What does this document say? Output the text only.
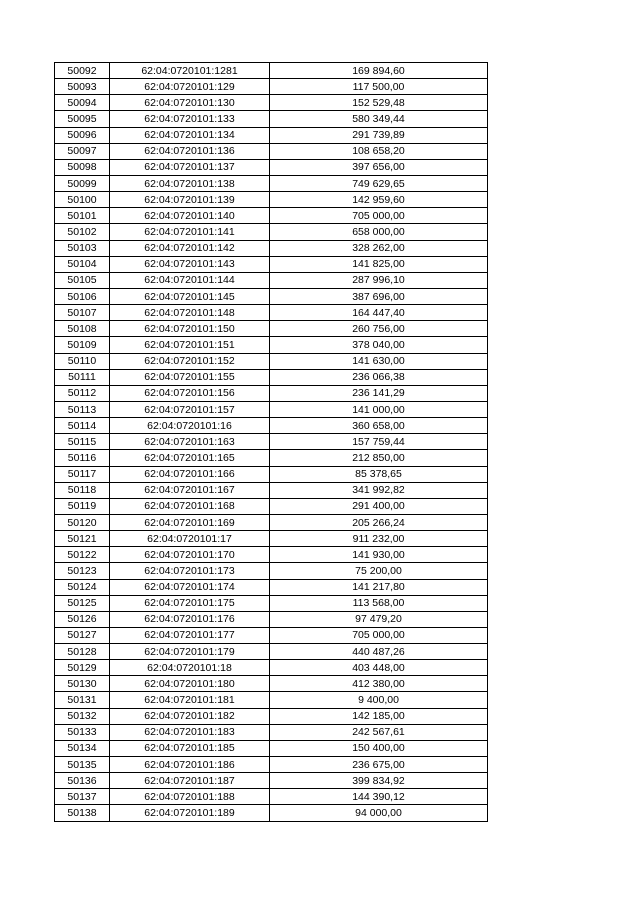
50092	62:04:0720101:1281	169 894,60
50093	62:04:0720101:129	117 500,00
50094	62:04:0720101:130	152 529,48
50095	62:04:0720101:133	580 349,44
50096	62:04:0720101:134	291 739,89
50097	62:04:0720101:136	108 658,20
50098	62:04:0720101:137	397 656,00
50099	62:04:0720101:138	749 629,65
50100	62:04:0720101:139	142 959,60
50101	62:04:0720101:140	705 000,00
50102	62:04:0720101:141	658 000,00
50103	62:04:0720101:142	328 262,00
50104	62:04:0720101:143	141 825,00
50105	62:04:0720101:144	287 996,10
50106	62:04:0720101:145	387 696,00
50107	62:04:0720101:148	164 447,40
50108	62:04:0720101:150	260 756,00
50109	62:04:0720101:151	378 040,00
50110	62:04:0720101:152	141 630,00
50111	62:04:0720101:155	236 066,38
50112	62:04:0720101:156	236 141,29
50113	62:04:0720101:157	141 000,00
50114	62:04:0720101:16	360 658,00
50115	62:04:0720101:163	157 759,44
50116	62:04:0720101:165	212 850,00
50117	62:04:0720101:166	85 378,65
50118	62:04:0720101:167	341 992,82
50119	62:04:0720101:168	291 400,00
50120	62:04:0720101:169	205 266,24
50121	62:04:0720101:17	911 232,00
50122	62:04:0720101:170	141 930,00
50123	62:04:0720101:173	75 200,00
50124	62:04:0720101:174	141 217,80
50125	62:04:0720101:175	113 568,00
50126	62:04:0720101:176	97 479,20
50127	62:04:0720101:177	705 000,00
50128	62:04:0720101:179	440 487,26
50129	62:04:0720101:18	403 448,00
50130	62:04:0720101:180	412 380,00
50131	62:04:0720101:181	9 400,00
50132	62:04:0720101:182	142 185,00
50133	62:04:0720101:183	242 567,61
50134	62:04:0720101:185	150 400,00
50135	62:04:0720101:186	236 675,00
50136	62:04:0720101:187	399 834,92
50137	62:04:0720101:188	144 390,12
50138	62:04:0720101:189	94 000,00
